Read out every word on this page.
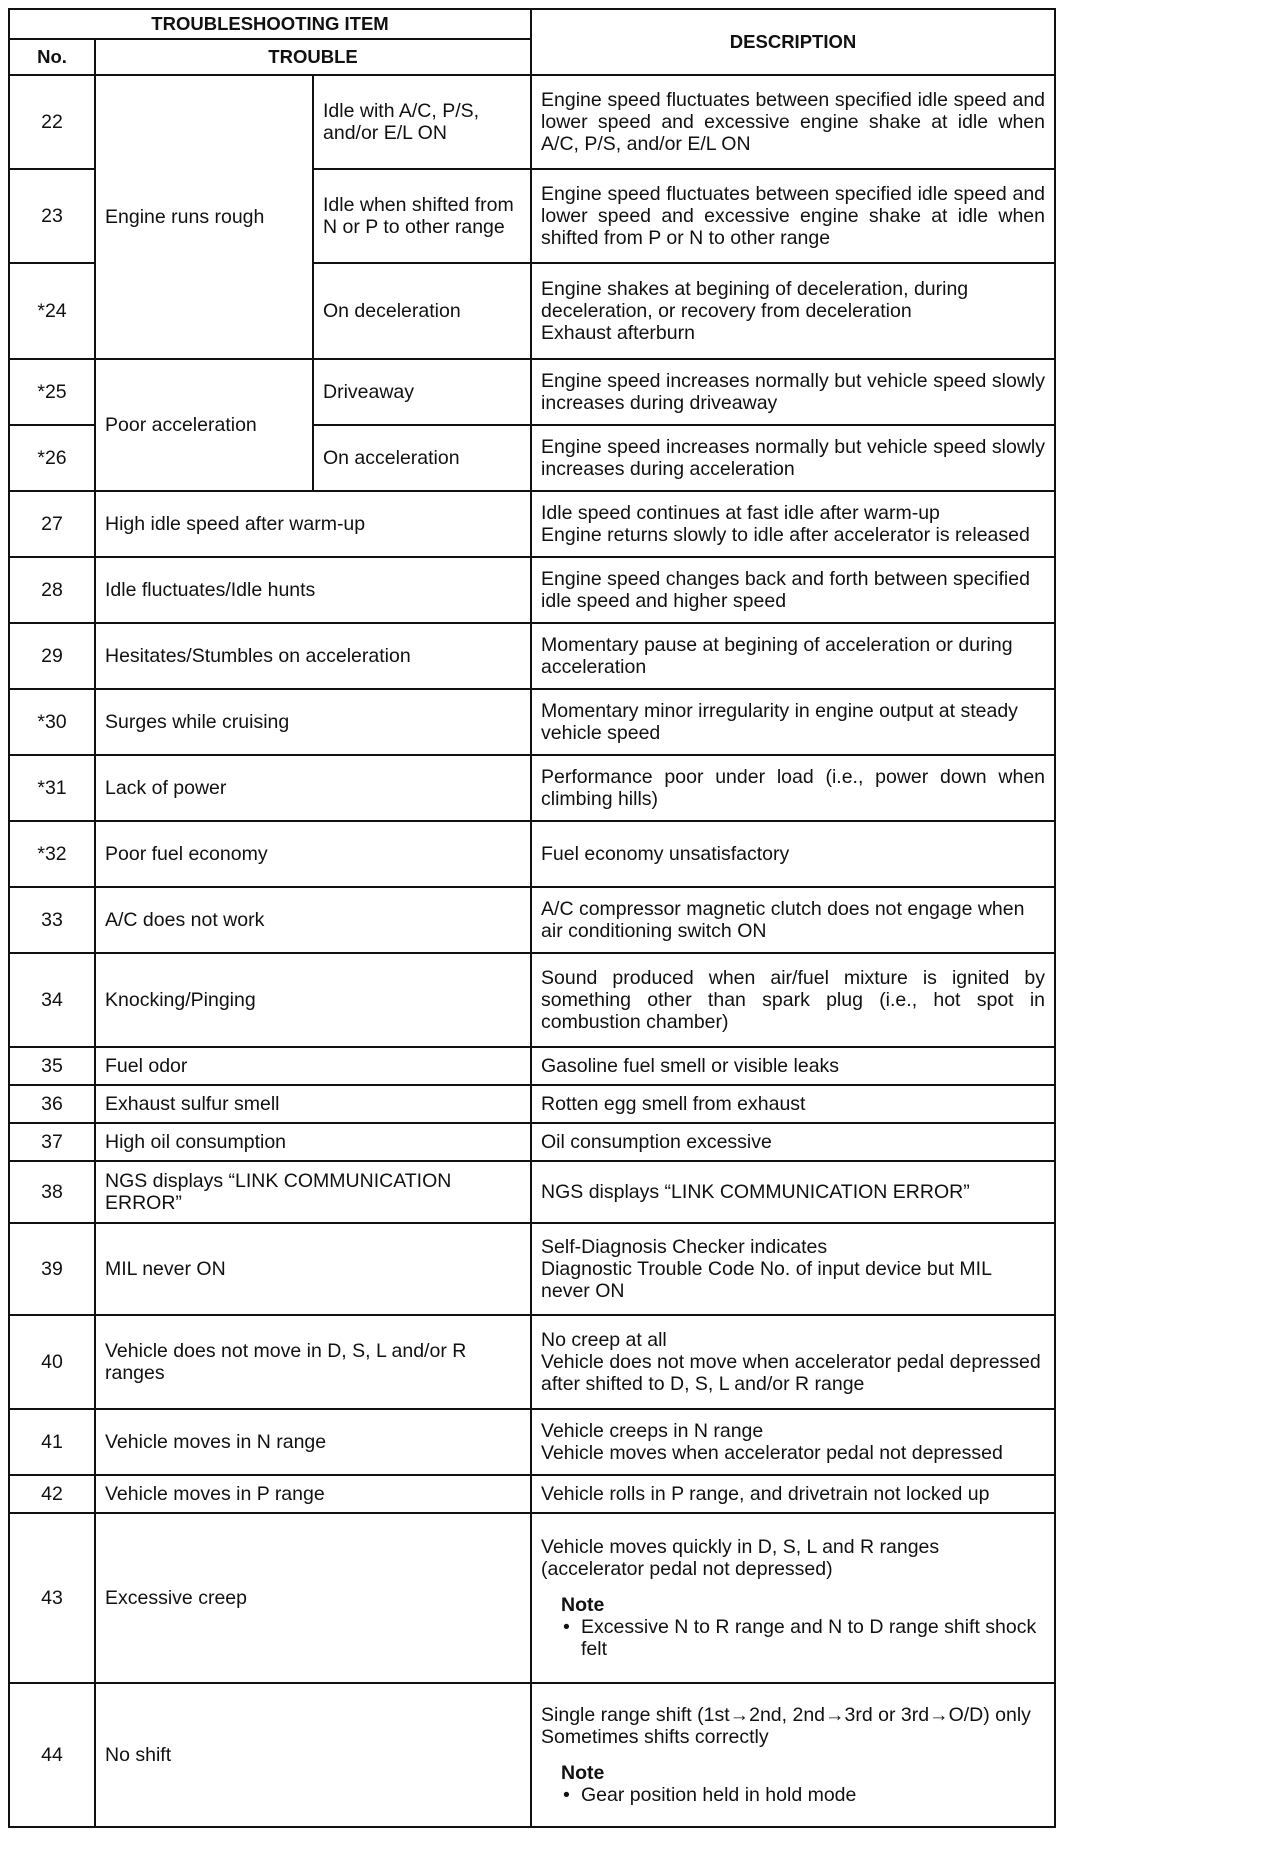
TROUBLESHOOTING ITEM			DESCRIPTION
No.	TROUBLE		
22	Engine runs rough	Idle with A/C, P/S, and/or E/L ON	Engine speed fluctuates between specified idle speed and lower speed and excessive engine shake at idle when A/C, P/S, and/or E/L ON

23		Idle when shifted from N or P to other range	Engine speed fluctuates between specified idle speed and lower speed and excessive engine shake at idle when shifted from P or N to other range

*24		On deceleration	Engine shakes at begining of deceleration, during deceleration, or recovery from deceleration
Exhaust afterburn

*25	Poor acceleration	Driveaway	Engine speed increases normally but vehicle speed slowly increases during driveaway

*26		On acceleration	Engine speed increases normally but vehicle speed slowly increases during acceleration

27	High idle speed after warm-up		Idle speed continues at fast idle after warm-up
Engine returns slowly to idle after accelerator is released

28	Idle fluctuates/Idle hunts		Engine speed changes back and forth between specified idle speed and higher speed

29	Hesitates/Stumbles on acceleration		Momentary pause at begining of acceleration or during acceleration

*30	Surges while cruising		Momentary minor irregularity in engine output at steady vehicle speed

*31	Lack of power		Performance poor under load (i.e., power down when climbing hills)

*32	Poor fuel economy		Fuel economy unsatisfactory

33	A/C does not work		A/C compressor magnetic clutch does not engage when air conditioning switch ON

34	Knocking/Pinging		Sound produced when air/fuel mixture is ignited by something other than spark plug (i.e., hot spot in combustion chamber)

35	Fuel odor		Gasoline fuel smell or visible leaks

36	Exhaust sulfur smell		Rotten egg smell from exhaust

37	High oil consumption		Oil consumption excessive

38	NGS displays “LINK COMMUNICATION ERROR”		NGS displays “LINK COMMUNICATION ERROR”

39	MIL never ON		Self-Diagnosis Checker indicates
Diagnostic Trouble Code No. of input device but MIL never ON

40	Vehicle does not move in D, S, L and/or R ranges		No creep at all
Vehicle does not move when accelerator pedal depressed after shifted to D, S, L and/or R range

41	Vehicle moves in N range		Vehicle creeps in N range
Vehicle moves when accelerator pedal not depressed

42	Vehicle moves in P range		Vehicle rolls in P range, and drivetrain not locked up

43	Excessive creep		Vehicle moves quickly in D, S, L and R ranges (accelerator pedal not depressed)
Note
• Excessive N to R range and N to D range shift shock felt

44	No shift		Single range shift (1st→2nd, 2nd→3rd or 3rd→O/D) only
Sometimes shifts correctly
Note
• Gear position held in hold mode
